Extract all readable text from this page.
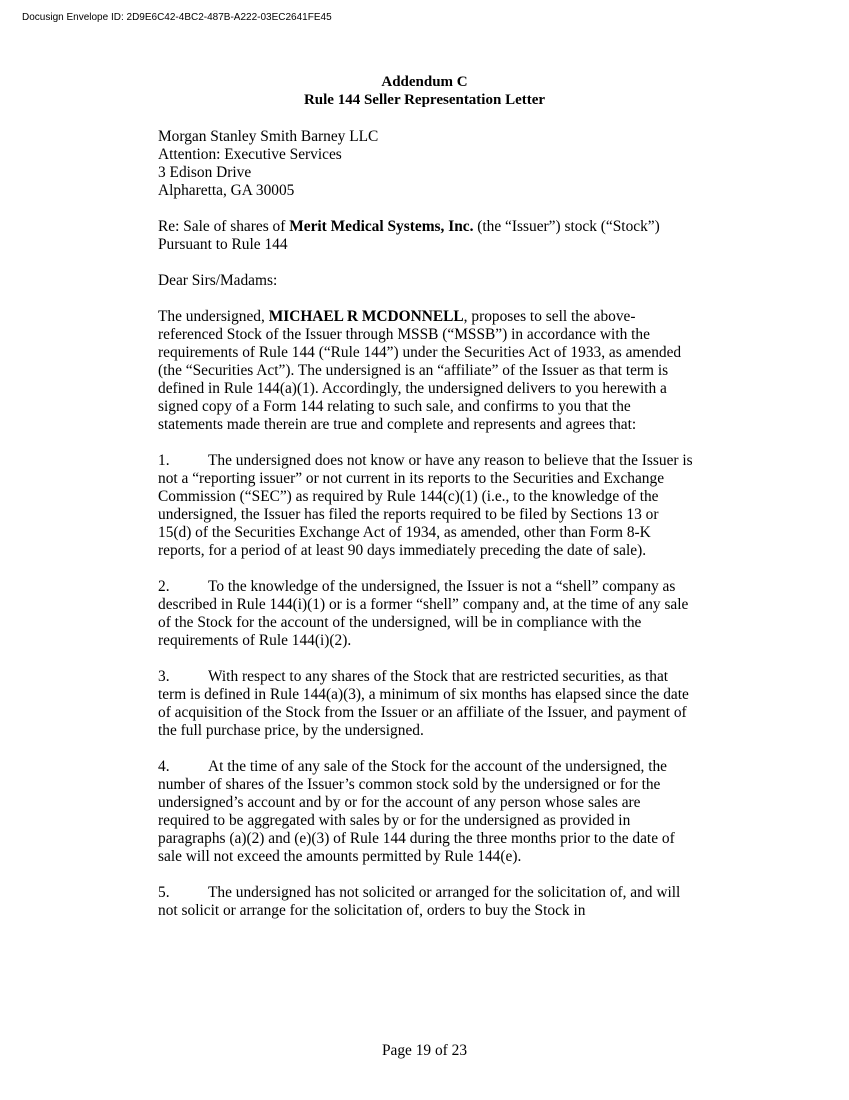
Docusign Envelope ID: 2D9E6C42-4BC2-487B-A222-03EC2641FE45
Addendum C
Rule 144 Seller Representation Letter

Morgan Stanley Smith Barney LLC
Attention: Executive Services
3 Edison Drive
Alpharetta, GA 30005

Re: Sale of shares of Merit Medical Systems, Inc. (the “Issuer”) stock (“Stock”) Pursuant to Rule 144

Dear Sirs/Madams:

The undersigned, MICHAEL R MCDONNELL, proposes to sell the above-referenced Stock of the Issuer through MSSB (“MSSB”) in accordance with the requirements of Rule 144 (“Rule 144”) under the Securities Act of 1933, as amended (the “Securities Act”). The undersigned is an “affiliate” of the Issuer as that term is defined in Rule 144(a)(1). Accordingly, the undersigned delivers to you herewith a signed copy of a Form 144 relating to such sale, and confirms to you that the statements made therein are true and complete and represents and agrees that:

1. The undersigned does not know or have any reason to believe that the Issuer is not a “reporting issuer” or not current in its reports to the Securities and Exchange Commission (“SEC”) as required by Rule 144(c)(1) (i.e., to the knowledge of the undersigned, the Issuer has filed the reports required to be filed by Sections 13 or 15(d) of the Securities Exchange Act of 1934, as amended, other than Form 8-K reports, for a period of at least 90 days immediately preceding the date of sale).

2. To the knowledge of the undersigned, the Issuer is not a “shell” company as described in Rule 144(i)(1) or is a former “shell” company and, at the time of any sale of the Stock for the account of the undersigned, will be in compliance with the requirements of Rule 144(i)(2).

3. With respect to any shares of the Stock that are restricted securities, as that term is defined in Rule 144(a)(3), a minimum of six months has elapsed since the date of acquisition of the Stock from the Issuer or an affiliate of the Issuer, and payment of the full purchase price, by the undersigned.

4. At the time of any sale of the Stock for the account of the undersigned, the number of shares of the Issuer’s common stock sold by the undersigned or for the undersigned’s account and by or for the account of any person whose sales are required to be aggregated with sales by or for the undersigned as provided in paragraphs (a)(2) and (e)(3) of Rule 144 during the three months prior to the date of sale will not exceed the amounts permitted by Rule 144(e).

5. The undersigned has not solicited or arranged for the solicitation of, and will not solicit or arrange for the solicitation of, orders to buy the Stock in

Page 19 of 23
